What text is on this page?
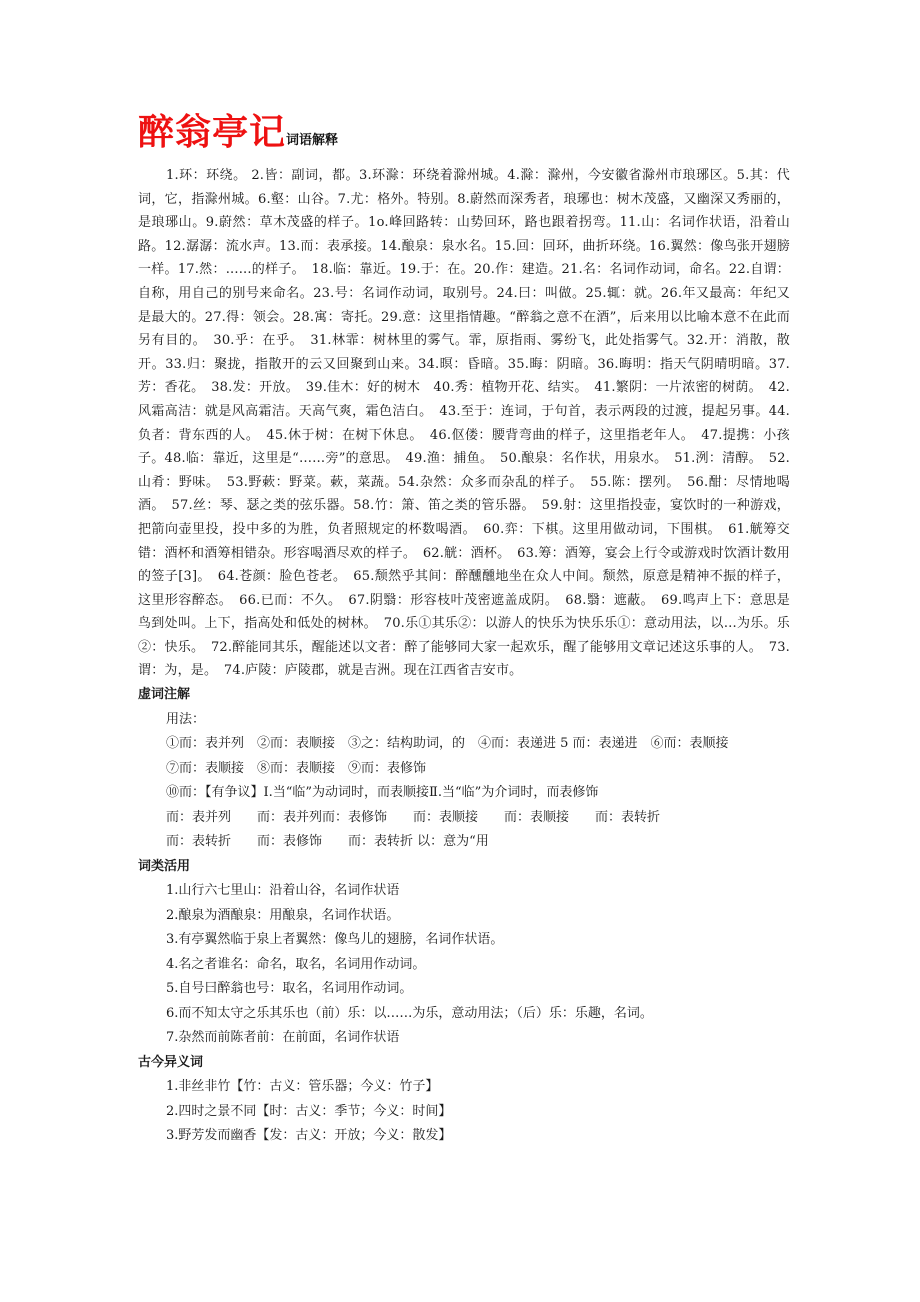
醉翁亭记词语解释

1.环：环绕。 2.皆：副词，都。3.环滁：环绕着滁州城。4.滁：滁州，今安徽省滁州市琅琊区。5.其：代词，它，指滁州城。6.壑：山谷。7.尤：格外。特别。8.蔚然而深秀者，琅琊也：树木茂盛，又幽深又秀丽的，是琅琊山。9.蔚然：草木茂盛的样子。1o.峰回路转：山势回环，路也跟着拐弯。11.山：名词作状语，沿着山路。12.潺潺：流水声。13.而：表承接。14.酿泉：泉水名。15.回：回环，曲折环绕。16.翼然：像鸟张开翅膀一样。17.然：......的样子。　18.临：靠近。19.于：在。20.作：建造。21.名：名词作动词，命名。22.自谓：自称，用自己的别号来命名。23.号：名词作动词，取别号。24.曰：叫做。25.辄：就。26.年又最高：年纪又是最大的。27.得：领会。28.寓：寄托。29.意：这里指情趣。“醉翁之意不在酒”，后来用以比喻本意不在此而另有目的。　30.乎：在乎。　31.林霏：树林里的雾气。霏，原指雨、雾纷飞，此处指雾气。32.开：消散，散开。33.归：聚拢，指散开的云又回聚到山来。34.暝：昏暗。35.晦：阴暗。36.晦明：指天气阴晴明暗。37.芳：香花。　38.发：开放。　39.佳木：好的树木　40.秀：植物开花、结实。　41.繁阴：一片浓密的树荫。　42.风霜高洁：就是风高霜洁。天高气爽，霜色洁白。　43.至于：连词，于句首，表示两段的过渡，提起另事。44.负者：背东西的人。　45.休于树：在树下休息。　46.伛偻：腰背弯曲的样子，这里指老年人。　47.提携：小孩子。48.临：靠近，这里是“……旁”的意思。　49.渔：捕鱼。　50.酿泉：名作状，用泉水。　51.洌：清醇。　52.山肴：野味。　53.野蔌：野菜。蔌，菜蔬。54.杂然：众多而杂乱的样子。　55.陈：摆列。　56.酣：尽情地喝酒。　57.丝：琴、瑟之类的弦乐器。58.竹：箫、笛之类的管乐器。　59.射：这里指投壶，宴饮时的一种游戏，把箭向壶里投，投中多的为胜，负者照规定的杯数喝酒。　60.弈：下棋。这里用做动词，下围棋。　61.觥筹交错：酒杯和酒筹相错杂。形容喝酒尽欢的样子。　62.觥：酒杯。　63.筹：酒筹，宴会上行令或游戏时饮酒计数用的签子[3]。　64.苍颜：脸色苍老。　65.颓然乎其间：醉醺醺地坐在众人中间。颓然，原意是精神不振的样子，这里形容醉态。　66.已而：不久。　67.阴翳：形容枝叶茂密遮盖成阴。　68.翳：遮蔽。　69.鸣声上下：意思是鸟到处叫。上下，指高处和低处的树林。　70.乐①其乐②：以游人的快乐为快乐乐①：意动用法，以…为乐。乐②：快乐。　72.醉能同其乐，醒能述以文者：醉了能够同大家一起欢乐，醒了能够用文章记述这乐事的人。　73.谓：为，是。　74.庐陵：庐陵郡，就是吉洲。现在江西省吉安市。

虚词注解

用法：

①而：表并列　②而：表顺接　③之：结构助词，的　④而：表递进 5 而：表递进　⑥而：表顺接

⑦而：表顺接　⑧而：表顺接　⑨而：表修饰

⑩而：【有争议】Ⅰ.当“临”为动词时，而表顺接Ⅱ.当“临”为介词时，而表修饰

而：表并列　　而：表并列而：表修饰　　而：表顺接　　而：表顺接　　而：表转折

而：表转折　　而：表修饰　　而：表转折 以：意为“用

词类活用

1.山行六七里山：沿着山谷，名词作状语

2.酿泉为酒酿泉：用酿泉，名词作状语。

3.有亭翼然临于泉上者翼然：像鸟儿的翅膀，名词作状语。

4.名之者谁名：命名，取名，名词用作动词。

5.自号曰醉翁也号：取名，名词用作动词。

6.而不知太守之乐其乐也（前）乐：以……为乐，意动用法；（后）乐：乐趣，名词。

7.杂然而前陈者前：在前面，名词作状语

古今异义词

1.非丝非竹【竹：古义：管乐器；今义：竹子】

2.四时之景不同【时：古义：季节；今义：时间】

3.野芳发而幽香【发：古义：开放；今义：散发】
